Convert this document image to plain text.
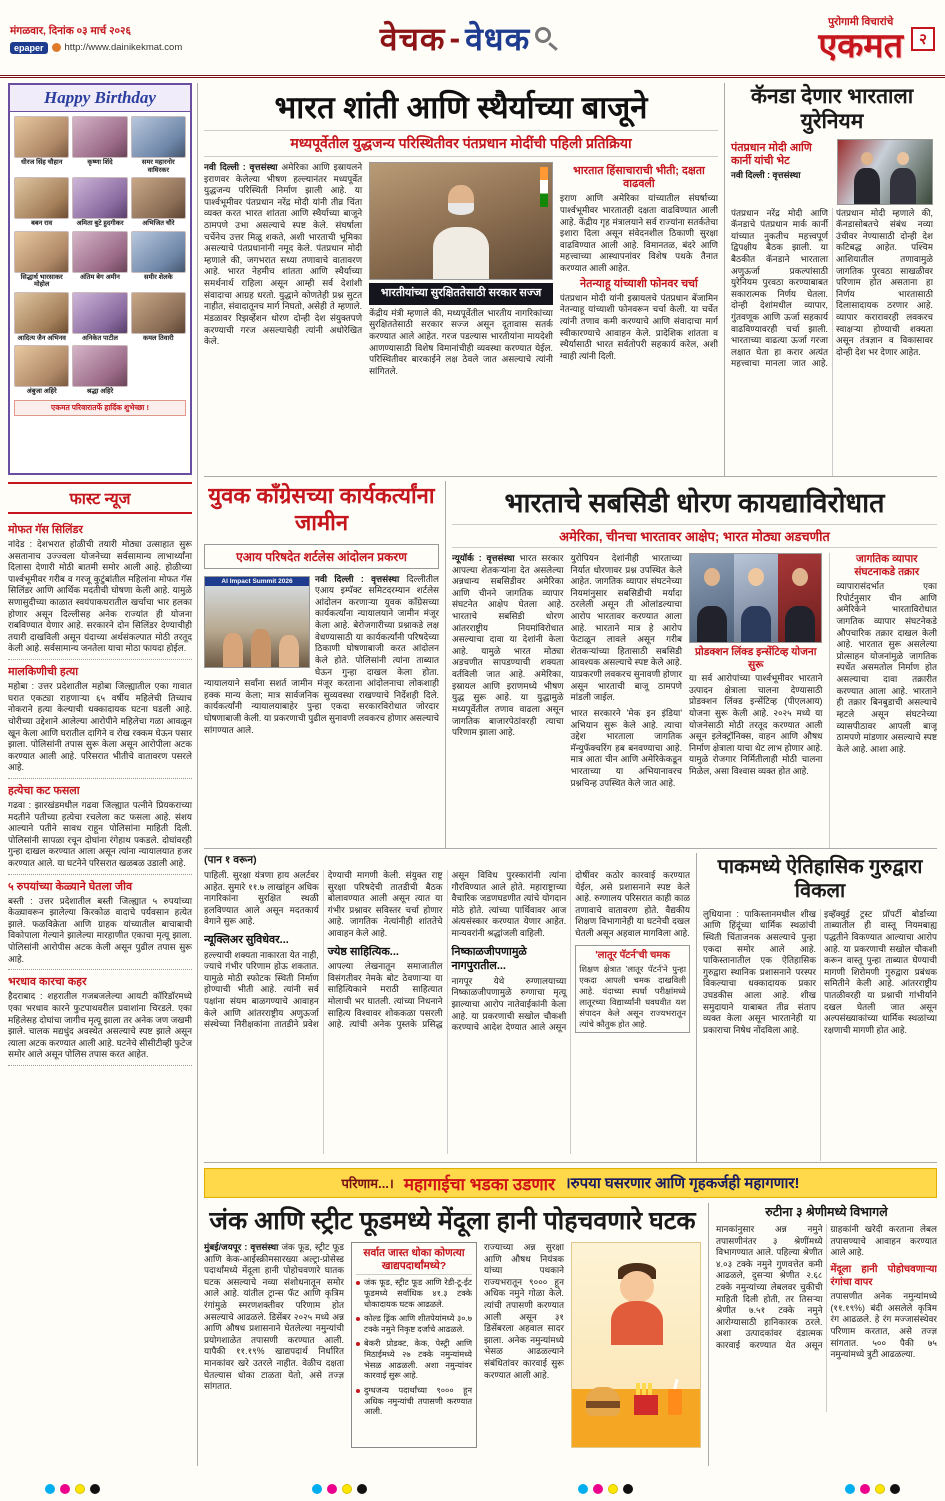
मंगळवार, दिनांक ०३ मार्च २०२६
epaper	http://www.dainikekmat.com	वेचक - वेधक	पुरोगामी विचारांचे
एकमत	२
Happy Birthday
धीरज सिंह चौहान	कृष्णा शिंदे	समर महारनोर वाघिरकर
बबन राव	अमिता बुटे हुदगीकर	अभिजित चौरे
सिद्धार्थ भारसाकर मोहोल
अंतिम बेग अमीन	समीर शेलके
आदित्य जैन अभिनव	अनिकेत पाटील	कमल तिवारी
अंबुजा अहिरे	श्रद्धा अहिरे
एकमत परिवारातर्फे हार्दिक शुभेच्छा !
फास्ट न्यूज
मोफत गॅस सिलिंडर
नांदेड : देशभरात होळीची तयारी मोठ्या उत्साहात सुरू असतानाच उज्ज्वला योजनेच्या सर्वसामान्य लाभार्थ्यांना दिलासा देणारी मोठी बातमी समोर आली आहे. होळीच्या पार्श्वभूमीवर गरीब व गरजू कुटुंबांतील महिलांना मोफत गॅस सिलिंडर आणि आर्थिक मदतीची घोषणा केली आहे. यामुळे सणासुदीच्या काळात स्वयंपाकघरातील खर्चाचा भार हलका होणार असून दिल्लीसह अनेक राज्यांत ही योजना राबविण्यात येणार आहे. सरकारने दोन सिलिंडर देण्याचीही तयारी दाखविली असून यंदाच्या अर्थसंकल्पात मोठी तरतूद केली आहे. सर्वसामान्य जनतेला याचा मोठा फायदा होईल.
मालकिणीची हत्या
महोबा : उत्तर प्रदेशातील महोबा जिल्ह्यातील एका गावात घरात एकट्या राहणाऱ्या ६५ वर्षीय महिलेची तिच्याच नोकराने हत्या केल्याची धक्कादायक घटना घडली आहे. चोरीच्या उद्देशाने आलेल्या आरोपीने महिलेचा गळा आवळून खून केला आणि घरातील दागिने व रोख रक्कम घेऊन पसार झाला. पोलिसांनी तपास सुरू केला असून आरोपीला अटक करण्यात आली आहे. परिसरात भीतीचे वातावरण पसरले आहे.
हत्येचा कट फसला
गढवा : झारखंडमधील गढवा जिल्ह्यात पत्नीने प्रियकराच्या मदतीने पतीच्या हत्येचा रचलेला कट फसला आहे. संशय आल्याने पतीने सावध राहून पोलिसांना माहिती दिली. पोलिसांनी सापळा रचून दोघांना रंगेहाथ पकडले. दोघांवरही गुन्हा दाखल करण्यात आला असून त्यांना न्यायालयात हजर करण्यात आले. या घटनेने परिसरात खळबळ उडाली आहे.
५ रुपयांच्या केळ्याने घेतला जीव
बस्ती : उत्तर प्रदेशातील बस्ती जिल्ह्यात ५ रुपयांच्या केळ्यावरून झालेल्या किरकोळ वादाचे पर्यवसान हत्येत झाले. फळविक्रेता आणि ग्राहक यांच्यातील बाचाबाची विकोपाला गेल्याने झालेल्या मारहाणीत एकाचा मृत्यू झाला. पोलिसांनी आरोपीस अटक केली असून पुढील तपास सुरू आहे.
भरधाव कारचा कहर
हैदराबाद : शहरातील गजबजलेल्या आयटी कॉरिडॉरमध्ये एका भरधाव कारने फुटपाथवरील प्रवाशांना चिरडले. एका महिलेसह दोघांचा जागीच मृत्यू झाला तर अनेक जण जखमी झाले. चालक मद्यधुंद अवस्थेत असल्याचे स्पष्ट झाले असून त्याला अटक करण्यात आली आहे. घटनेचे सीसीटीव्ही फुटेज समोर आले असून पोलिस तपास करत आहेत.
भारत शांती आणि स्थैर्याच्या बाजूने
मध्यपूर्वेतील युद्धजन्य परिस्थितीवर पंतप्रधान मोदींची पहिली प्रतिक्रिया
नवी दिल्ली : वृत्तसंस्था अमेरिका आणि इस्रायलने इराणवर केलेल्या भीषण हल्ल्यानंतर मध्यपूर्वेत युद्धजन्य परिस्थिती निर्माण झाली आहे. या पार्श्वभूमीवर पंतप्रधान नरेंद्र मोदी यांनी तीव्र चिंता व्यक्त करत भारत शांतता आणि स्थैर्याच्या बाजूने ठामपणे उभा असल्याचे स्पष्ट केले. संघर्षाला चर्चेनेच उत्तर मिळू शकते, अशी भारताची भूमिका असल्याचे पंतप्रधानांनी नमूद केले. पंतप्रधान मोदी म्हणाले की, जगभरात सध्या तणावाचे वातावरण आहे. भारत नेहमीच शांतता आणि स्थैर्याच्या समर्थनार्थ राहिला असून आम्ही सर्व देशांशी संवादाचा आग्रह धरतो. युद्धाने कोणतेही प्रश्न सुटत नाहीत, संवादातूनच मार्ग निघतो, असेही ते म्हणाले. मंडळावर रिझर्व्हेशन धोरण दोन्ही देश संयुक्तपणे करण्याची गरज असल्याचेही त्यांनी अधोरेखित केले.
भारतीयांच्या सुरक्षिततेसाठी सरकार सज्ज
केंद्रीय मंत्री म्हणाले की, मध्यपूर्वेतील भारतीय नागरिकांच्या सुरक्षिततेसाठी सरकार सज्ज असून दूतावास सतर्क करण्यात आले आहेत. गरज पडल्यास भारतीयांना मायदेशी आणण्यासाठी विशेष विमानांचीही व्यवस्था करण्यात येईल. परिस्थितीवर बारकाईने लक्ष ठेवले जात असल्याचे त्यांनी सांगितले.
भारतात हिंसाचाराची भीती; दक्षता वाढवली
इराण आणि अमेरिका यांच्यातील संघर्षाच्या पार्श्वभूमीवर भारतातही दक्षता वाढविण्यात आली आहे. केंद्रीय गृह मंत्रालयाने सर्व राज्यांना सतर्कतेचा इशारा दिला असून संवेदनशील ठिकाणी सुरक्षा वाढविण्यात आली आहे. विमानतळ, बंदरे आणि महत्त्वाच्या आस्थापनांवर विशेष पथके तैनात करण्यात आली आहेत.
नेतन्याहू यांच्याशी फोनवर चर्चा
पंतप्रधान मोदी यांनी इस्रायलचे पंतप्रधान बेंजामिन नेतन्याहू यांच्याशी फोनवरून चर्चा केली. या चर्चेत त्यांनी तणाव कमी करण्याचे आणि संवादाचा मार्ग स्वीकारण्याचे आवाहन केले. प्रादेशिक शांतता व स्थैर्यासाठी भारत सर्वतोपरी सहकार्य करेल, अशी ग्वाही त्यांनी दिली.
कॅनडा देणार भारताला युरेनियम
पंतप्रधान मोदी आणि कार्नी यांची भेट
नवी दिल्ली : वृत्तसंस्था
पंतप्रधान नरेंद्र मोदी आणि कॅनडाचे पंतप्रधान मार्क कार्नी यांच्यात नुकतीच महत्त्वपूर्ण द्विपक्षीय बैठक झाली. या बैठकीत कॅनडाने भारताला अणुऊर्जा प्रकल्पांसाठी युरेनियम पुरवठा करण्याबाबत सकारात्मक निर्णय घेतला. दोन्ही देशांमधील व्यापार, गुंतवणूक आणि ऊर्जा सहकार्य वाढविण्यावरही चर्चा झाली. भारताच्या वाढत्या ऊर्जा गरजा लक्षात घेता हा करार अत्यंत महत्त्वाचा मानला जात आहे. पंतप्रधान मोदी म्हणाले की, कॅनडासोबतचे संबंध नव्या उंचीवर नेण्यासाठी दोन्ही देश कटिबद्ध आहेत. पश्चिम आशियातील तणावामुळे जागतिक पुरवठा साखळीवर परिणाम होत असताना हा निर्णय भारतासाठी दिलासादायक ठरणार आहे. व्यापार करारावरही लवकरच स्वाक्षऱ्या होण्याची शक्यता असून तंत्रज्ञान व विकासावर दोन्ही देश भर देणार आहेत.
युवक काँग्रेसच्या कार्यकर्त्यांना जामीन
एआय परिषदेत शर्टलेस आंदोलन प्रकरण
AI Impact Summit 2026	नवी दिल्ली : वृत्तसंस्था दिल्लीतील एआय इम्पॅक्ट समिटदरम्यान शर्टलेस आंदोलन करणाऱ्या युवक काँग्रेसच्या कार्यकर्त्यांना न्यायालयाने जामीन मंजूर केला आहे. बेरोजगारीच्या प्रश्नाकडे लक्ष वेधण्यासाठी या कार्यकर्त्यांनी परिषदेच्या ठिकाणी घोषणाबाजी करत आंदोलन केले होते. पोलिसांनी त्यांना ताब्यात घेऊन गुन्हा दाखल केला होता. न्यायालयाने सर्वांना सशर्त जामीन मंजूर करताना आंदोलनाचा लोकशाही हक्क मान्य केला; मात्र सार्वजनिक सुव्यवस्था राखण्याचे निर्देशही दिले. कार्यकर्त्यांनी न्यायालयाबाहेर पुन्हा एकदा सरकारविरोधात जोरदार घोषणाबाजी केली. या प्रकरणाची पुढील सुनावणी लवकरच होणार असल्याचे सांगण्यात आले.
भारताचे सबसिडी धोरण कायद्याविरोधात
अमेरिका, चीनचा भारतावर आक्षेप; भारत मोठ्या अडचणीत
न्यूयॉर्क : वृत्तसंस्था भारत सरकार आपल्या शेतकऱ्यांना देत असलेल्या अन्नधान्य सबसिडीवर अमेरिका आणि चीनने जागतिक व्यापार संघटनेत आक्षेप घेतला आहे. भारताचे सबसिडी धोरण आंतरराष्ट्रीय नियमांविरोधात असल्याचा दावा या देशांनी केला आहे. यामुळे भारत मोठ्या अडचणीत सापडण्याची शक्यता वर्तविली जात आहे. अमेरिका, इस्रायल आणि इराणमध्ये भीषण युद्ध सुरू आहे. या युद्धामुळे मध्यपूर्वेतील तणाव वाढला असून जागतिक बाजारपेठांवरही त्याचा परिणाम झाला आहे.
युरोपियन देशांनीही भारताच्या निर्यात धोरणावर प्रश्न उपस्थित केले आहेत. जागतिक व्यापार संघटनेच्या नियमांनुसार सबसिडीची मर्यादा ठरलेली असून ती ओलांडल्याचा आरोप भारतावर करण्यात आला आहे. भारताने मात्र हे आरोप फेटाळून लावले असून गरीब शेतकऱ्यांच्या हितासाठी सबसिडी आवश्यक असल्याचे स्पष्ट केले आहे. याप्रकरणी लवकरच सुनावणी होणार असून भारताची बाजू ठामपणे मांडली जाईल.
भारत सरकारने 'मेक इन इंडिया' अभियान सुरू केले आहे. त्याचा उद्देश भारताला जागतिक मॅन्युफॅक्चरिंग हब बनवण्याचा आहे. मात्र आता चीन आणि अमेरिकेकडून भारताच्या या अभियानावरच प्रश्नचिन्ह उपस्थित केले जात आहे.
प्रोडक्शन लिंक्ड इन्सेंटिव्ह योजना सुरू
या सर्व आरोपांच्या पार्श्वभूमीवर भारताने उत्पादन क्षेत्राला चालना देण्यासाठी प्रोडक्शन लिंक्ड इन्सेंटिव्ह (पीएलआय) योजना सुरू केली आहे. २०२५ मध्ये या योजनेसाठी मोठी तरतूद करण्यात आली असून इलेक्ट्रॉनिक्स, वाहन आणि औषध निर्माण क्षेत्राला याचा थेट लाभ होणार आहे. यामुळे रोजगार निर्मितीलाही मोठी चालना मिळेल, असा विश्वास व्यक्त होत आहे.
जागतिक व्यापार संघटनाकडे तक्रार
व्यापारासंदर्भात एका रिपोर्टनुसार चीन आणि अमेरिकेने भारताविरोधात जागतिक व्यापार संघटनेकडे औपचारिक तक्रार दाखल केली आहे. भारतात सुरू असलेल्या प्रोत्साहन योजनांमुळे जागतिक स्पर्धेत असमतोल निर्माण होत असल्याचा दावा तक्रारीत करण्यात आला आहे. भारताने ही तक्रार बिनबुडाची असल्याचे म्हटले असून संघटनेच्या व्यासपीठावर आपली बाजू ठामपणे मांडणार असल्याचे स्पष्ट केले आहे. आशा आहे.
(पान १ वरून)
पाहिली. सुरक्षा यंत्रणा हाय अलर्टवर आहेत. सुमारे ११.७ लाखांहून अधिक नागरिकांना सुरक्षित स्थळी हलविण्यात आले असून मदतकार्य वेगाने सुरू आहे.
न्यूक्लिअर सुविधेवर...
हल्ल्याची शक्यता नाकारता येत नाही, ज्याचे गंभीर परिणाम होऊ शकतात. यामुळे मोठी स्फोटक स्थिती निर्माण होण्याची भीती आहे. त्यांनी सर्व पक्षांना संयम बाळगण्याचे आवाहन केले आणि आंतरराष्ट्रीय अणुऊर्जा संस्थेच्या निरीक्षकांना तातडीने प्रवेश देण्याची मागणी केली. संयुक्त राष्ट्र सुरक्षा परिषदेची तातडीची बैठक बोलावण्यात आली असून त्यात या गंभीर प्रश्नावर सविस्तर चर्चा होणार आहे. जागतिक नेत्यांनीही शांततेचे आवाहन केले आहे.
ज्येष्ठ साहित्यिक...
आपल्या लेखनातून समाजातील विसंगतीवर नेमके बोट ठेवणाऱ्या या साहित्यिकाने मराठी साहित्यात मोलाची भर घातली. त्यांच्या निधनाने साहित्य विश्वावर शोककळा पसरली आहे. त्यांची अनेक पुस्तके प्रसिद्ध असून विविध पुरस्कारांनी त्यांना गौरविण्यात आले होते. महाराष्ट्राच्या वैचारिक जडणघडणीत त्यांचे योगदान मोठे होते. त्यांच्या पार्थिवावर आज अंत्यसंस्कार करण्यात येणार आहेत. मान्यवरांनी श्रद्धांजली वाहिली.
निष्काळजीपणामुळे नागपुरातील...
नागपूर येथे रुग्णालयाच्या निष्काळजीपणामुळे रुग्णाचा मृत्यू झाल्याचा आरोप नातेवाईकांनी केला आहे. या प्रकरणाची सखोल चौकशी करण्याचे आदेश देण्यात आले असून दोषींवर कठोर कारवाई करण्यात येईल, असे प्रशासनाने स्पष्ट केले आहे. रुग्णालय परिसरात काही काळ तणावाचे वातावरण होते. वैद्यकीय शिक्षण विभागानेही या घटनेची दखल घेतली असून अहवाल मागविला आहे.
'लातूर पॅटर्न'ची चमक
शिक्षण क्षेत्रात 'लातूर पॅटर्न'ने पुन्हा एकदा आपली चमक दाखविली आहे. यंदाच्या स्पर्धा परीक्षांमध्ये लातूरच्या विद्यार्थ्यांनी घवघवीत यश संपादन केले असून राज्यभरातून त्यांचे कौतुक होत आहे.
पाकमध्ये ऐतिहासिक गुरुद्वारा विकला
लुधियाना : पाकिस्तानमधील शीख आणि हिंदूंच्या धार्मिक स्थळांची स्थिती चिंताजनक असल्याचे पुन्हा एकदा समोर आले आहे. पाकिस्तानातील एक ऐतिहासिक गुरुद्वारा स्थानिक प्रशासनाने परस्पर विकल्याचा धक्कादायक प्रकार उघडकीस आला आहे. शीख समुदायाने याबाबत तीव्र संताप व्यक्त केला असून भारतानेही या प्रकाराचा निषेध नोंदविला आहे.
इव्हॅक्युई ट्रस्ट प्रॉपर्टी बोर्डाच्या ताब्यातील ही वास्तू नियमबाह्य पद्धतीने विकण्यात आल्याचा आरोप आहे. या प्रकरणाची सखोल चौकशी करून वास्तू पुन्हा ताब्यात घेण्याची मागणी शिरोमणी गुरुद्वारा प्रबंधक समितीने केली आहे. आंतरराष्ट्रीय पातळीवरही या प्रश्नाची गांभीर्याने दखल घेतली जात असून अल्पसंख्याकांच्या धार्मिक स्थळांच्या रक्षणाची मागणी होत आहे.
परिणाम...। महागाईचा भडका उडणार ।रुपया घसरणार आणि गृहकर्जही महागणार!
जंक आणि स्ट्रीट फूडमध्ये मेंदूला हानी पोहचवणारे घटक
मुंबई/जयपूर : वृत्तसंस्था जंक फूड, स्ट्रीट फूड आणि केक-आईस्क्रीमसारख्या अल्ट्रा-प्रोसेस्ड पदार्थांमध्ये मेंदूला हानी पोहोचवणारे घातक घटक असल्याचे नव्या संशोधनातून समोर आले आहे. यांतील ट्रान्स फॅट आणि कृत्रिम रंगांमुळे स्मरणशक्तीवर परिणाम होत असल्याचे आढळले. डिसेंबर २०२५ मध्ये अन्न आणि औषध प्रशासनाने घेतलेल्या नमुन्यांची प्रयोगशाळेत तपासणी करण्यात आली. यापैकी ११.१९% खाद्यपदार्थ निर्धारित मानकांवर खरे उतरले नाहीत. वेळीच दक्षता घेतल्यास धोका टाळता येतो, असे तज्ज्ञ सांगतात.
सर्वात जास्त धोका कोणत्या खाद्यपदार्थांमध्ये?
जंक फूड, स्ट्रीट फूड आणि रेडी-टू-ईट फूडमध्ये सर्वाधिक ४१.३ टक्के धोकादायक घटक आढळले.
कोल्ड ड्रिंक आणि शीतपेयांमध्ये ३०.७ टक्के नमुने निकृष्ट दर्जाचे आढळले.
बेकरी प्रोडक्ट, केक, पेस्ट्री आणि मिठाईमध्ये २७ टक्के नमुन्यांमध्ये भेसळ आढळली. अशा नमुन्यांवर कारवाई सुरू आहे.
दुग्धजन्य पदार्थांच्या ९००० हून अधिक नमुन्यांची तपासणी करण्यात आली.
राज्याच्या अन्न सुरक्षा आणि औषध नियंत्रक यांच्या पथकाने राज्यभरातून ९००० हून अधिक नमुने गोळा केले. त्यांची तपासणी करण्यात आली असून ३१ डिसेंबरला अहवाल सादर झाला. अनेक नमुन्यांमध्ये भेसळ आढळल्याने संबंधितांवर कारवाई सुरू करण्यात आली आहे.
रुटीना ३ श्रेणीमध्ये विभागले
मानकांनुसार अन्न नमुने तपासणीनंतर ३ श्रेणींमध्ये विभागण्यात आले. पहिल्या श्रेणीत ४.०३ टक्के नमुने गुणवत्तेत कमी आढळले, दुसऱ्या श्रेणीत २.६८ टक्के नमुन्यांच्या लेबलवर चुकीची माहिती दिली होती, तर तिसऱ्या श्रेणीत ७.५१ टक्के नमुने आरोग्यासाठी हानिकारक ठरले. अशा उत्पादकांवर दंडात्मक कारवाई करण्यात येत असून ग्राहकांनी खरेदी करताना लेबल तपासण्याचे आवाहन करण्यात आले आहे.
मेंदूला हानी पोहोचवणाऱ्या रंगांचा वापर
तपासणीत अनेक नमुन्यांमध्ये (११.१९%) बंदी असलेले कृत्रिम रंग आढळले. हे रंग मज्जासंस्थेवर परिणाम करतात, असे तज्ज्ञ सांगतात. ५०० पैकी ७५ नमुन्यांमध्ये त्रुटी आढळल्या.
